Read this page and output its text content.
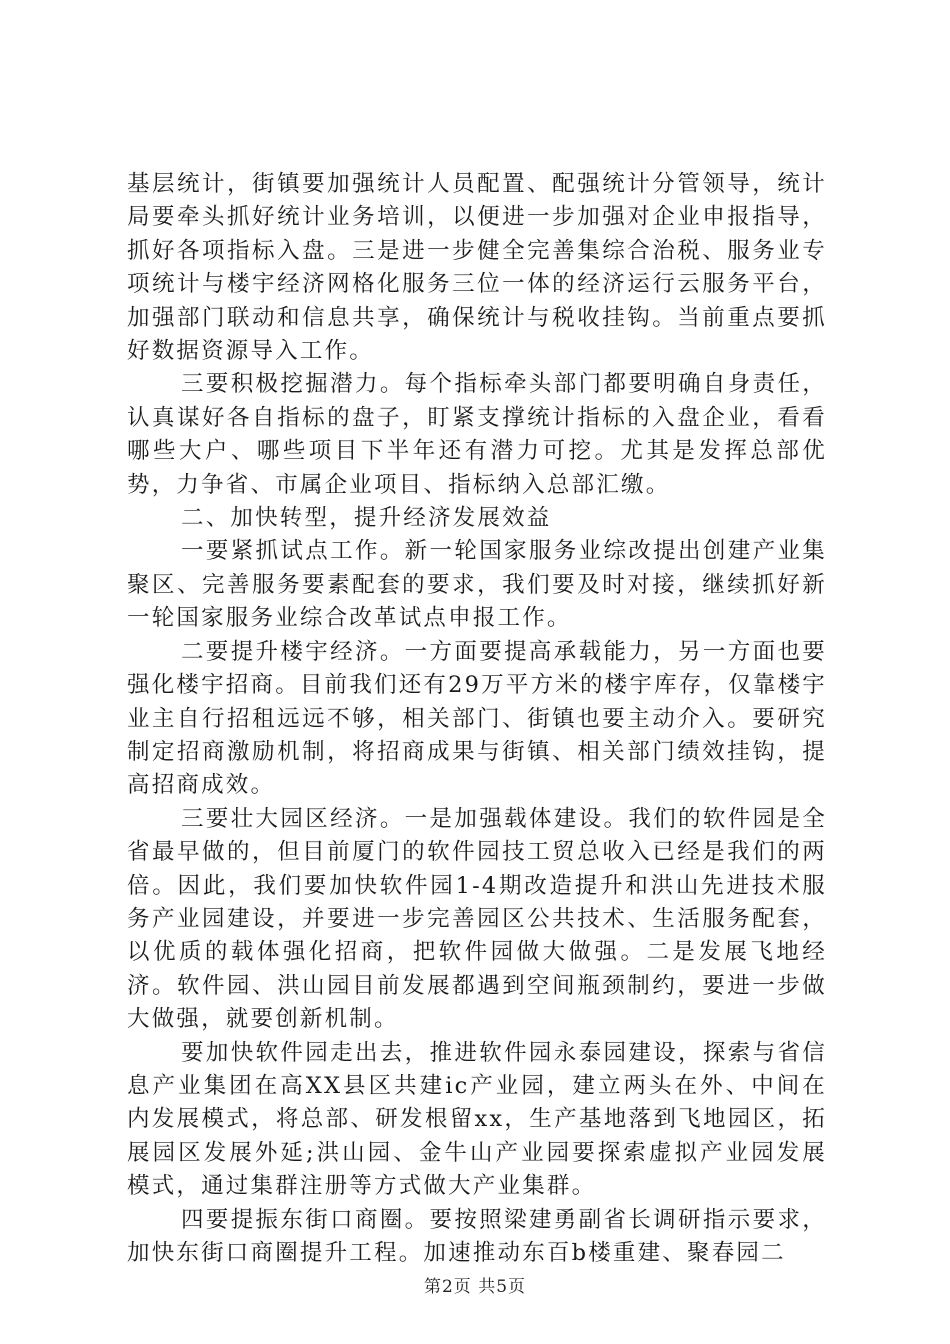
基层统计，街镇要加强统计人员配置、配强统计分管领导，统计局要牵头抓好统计业务培训，以便进一步加强对企业申报指导，抓好各项指标入盘。三是进一步健全完善集综合治税、服务业专项统计与楼宇经济网格化服务三位一体的经济运行云服务平台，加强部门联动和信息共享，确保统计与税收挂钩。当前重点要抓好数据资源导入工作。

三要积极挖掘潜力。每个指标牵头部门都要明确自身责任，认真谋好各自指标的盘子，盯紧支撑统计指标的入盘企业，看看哪些大户、哪些项目下半年还有潜力可挖。尤其是发挥总部优势，力争省、市属企业项目、指标纳入总部汇缴。

二、加快转型，提升经济发展效益

一要紧抓试点工作。新一轮国家服务业综改提出创建产业集聚区、完善服务要素配套的要求，我们要及时对接，继续抓好新一轮国家服务业综合改革试点申报工作。

二要提升楼宇经济。一方面要提高承载能力，另一方面也要强化楼宇招商。目前我们还有29万平方米的楼宇库存，仅靠楼宇业主自行招租远远不够，相关部门、街镇也要主动介入。要研究制定招商激励机制，将招商成果与街镇、相关部门绩效挂钩，提高招商成效。

三要壮大园区经济。一是加强载体建设。我们的软件园是全省最早做的，但目前厦门的软件园技工贸总收入已经是我们的两倍。因此，我们要加快软件园1-4期改造提升和洪山先进技术服务产业园建设，并要进一步完善园区公共技术、生活服务配套，以优质的载体强化招商，把软件园做大做强。二是发展飞地经济。软件园、洪山园目前发展都遇到空间瓶颈制约，要进一步做大做强，就要创新机制。

要加快软件园走出去，推进软件园永泰园建设，探索与省信息产业集团在高XX县区共建ic产业园，建立两头在外、中间在内发展模式，将总部、研发根留xx，生产基地落到飞地园区，拓展园区发展外延;洪山园、金牛山产业园要探索虚拟产业园发展模式，通过集群注册等方式做大产业集群。

四要提振东街口商圈。要按照梁建勇副省长调研指示要求，加快东街口商圈提升工程。加速推动东百b楼重建、聚春园二

第2页 共5页
